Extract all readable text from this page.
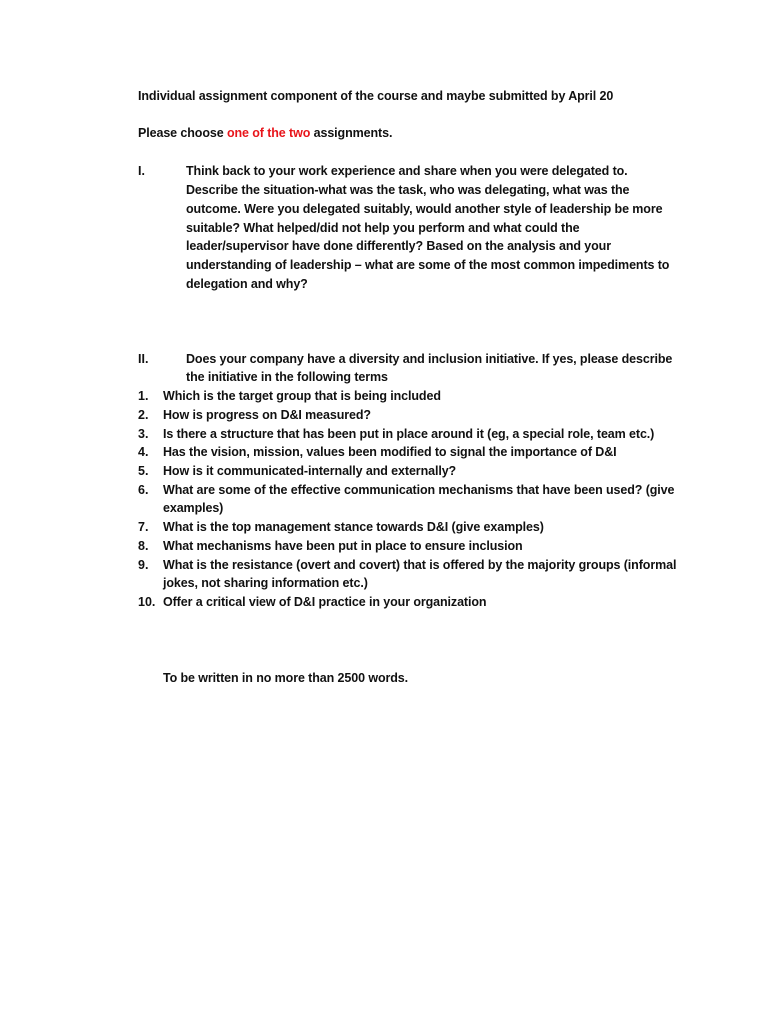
Individual assignment component of the course and maybe submitted by April 20
Please choose one of the two assignments.
I.	Think back to your work experience and share when you were delegated to.
Describe the situation-what was the task, who was delegating, what was the
outcome. Were you delegated suitably, would another style of leadership be more
suitable? What helped/did not help you perform and what could the
leader/supervisor have done differently? Based on the analysis and your
understanding of leadership – what are some of the most common impediments to
delegation and why?
II.	Does your company have a diversity and inclusion initiative. If yes, please describe
the initiative in the following terms
1. Which is the target group that is being included
2. How is progress on D&I measured?
3. Is there a structure that has been put in place around it (eg, a special role, team etc.)
4. Has the vision, mission, values been modified to signal the importance of D&I
5. How is it communicated-internally and externally?
6. What are some of the effective communication mechanisms that have been used? (give
examples)
7. What is the top management stance towards D&I (give examples)
8. What mechanisms have been put in place to ensure inclusion
9. What is the resistance (overt and covert) that is offered by the majority groups (informal
jokes, not sharing information etc.)
10. Offer a critical view of D&I practice in your organization
To be written in no more than 2500 words.
